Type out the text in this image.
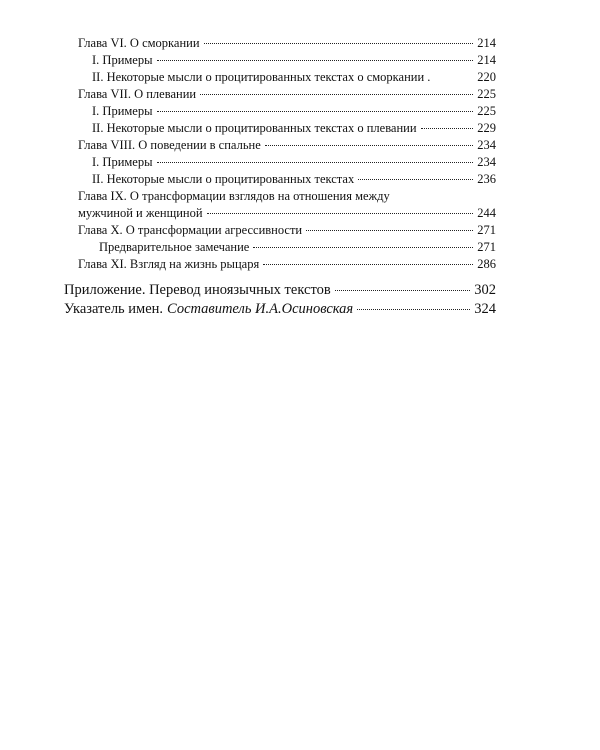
Глава VI. О сморкании	214
I. Примеры	214
II. Некоторые мысли о процитированных текстах о сморкании .	220
Глава VII. О плевании	225
I. Примеры	225
II. Некоторые мысли о процитированных текстах о плевании	229
Глава VIII. О поведении в спальне	234
I. Примеры	234
II. Некоторые мысли о процитированных текстах	236
Глава IX. О трансформации взглядов на отношения между
мужчиной и женщиной	244
Глава X. О трансформации агрессивности	271
Предварительное замечание	271
Глава XI. Взгляд на жизнь рыцаря	286
Приложение. Перевод иноязычных текстов	302
Указатель имен. Составитель И.А.Осиновская	324
